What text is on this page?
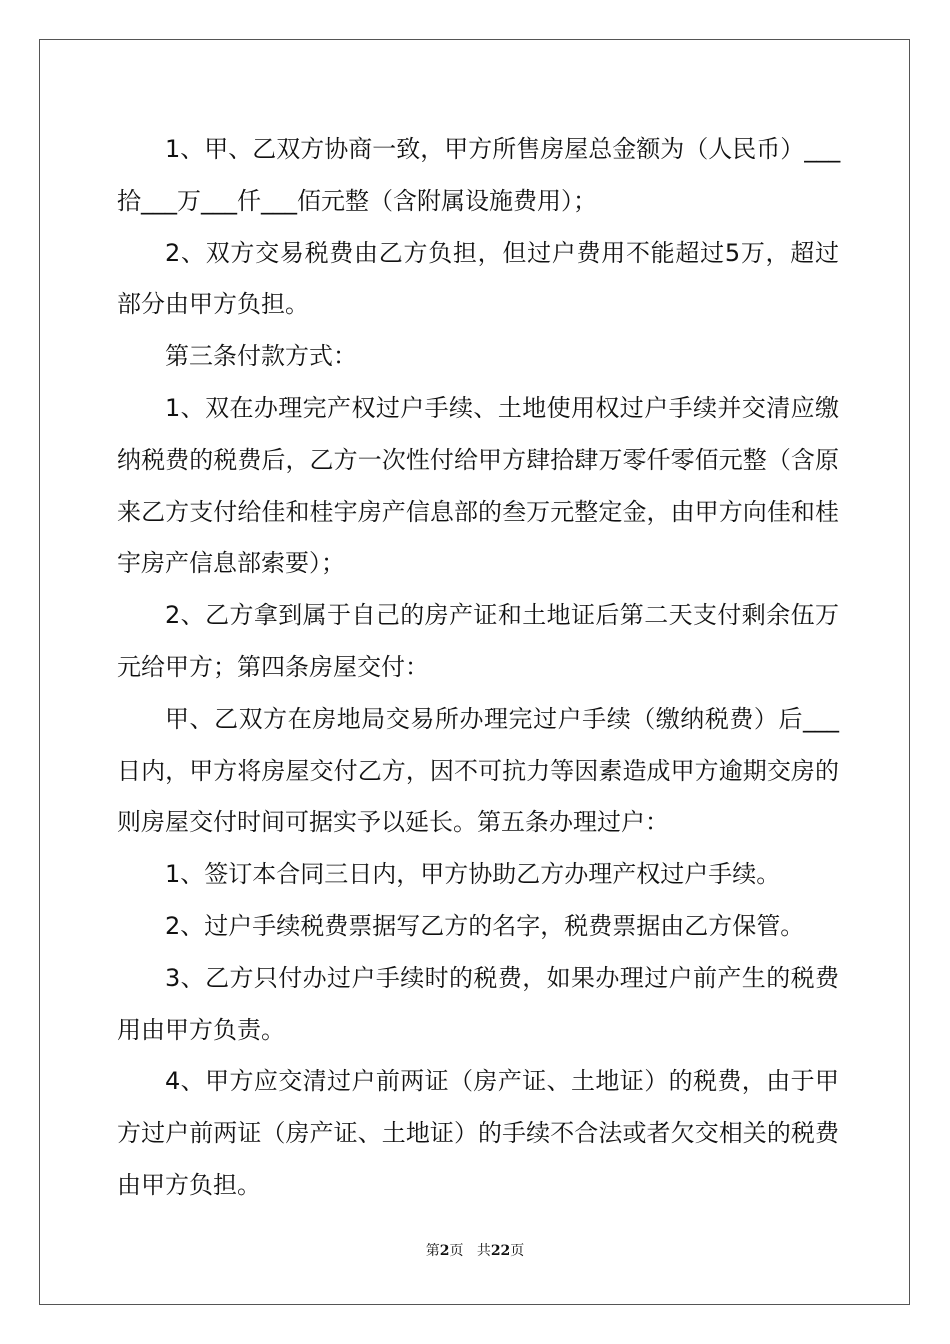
1、甲、乙双方协商一致，甲方所售房屋总金额为（人民币）___
拾___万___仟___佰元整（含附属设施费用）；
2、双方交易税费由乙方负担，但过户费用不能超过5万，超过
部分由甲方负担。
第三条付款方式：
1、双在办理完产权过户手续、土地使用权过户手续并交清应缴
纳税费的税费后，乙方一次性付给甲方肆拾肆万零仟零佰元整（含原
来乙方支付给佳和桂宇房产信息部的叁万元整定金，由甲方向佳和桂
宇房产信息部索要）；
2、乙方拿到属于自己的房产证和土地证后第二天支付剩余伍万
元给甲方；第四条房屋交付：
甲、乙双方在房地局交易所办理完过户手续（缴纳税费）后___
日内，甲方将房屋交付乙方，因不可抗力等因素造成甲方逾期交房的
则房屋交付时间可据实予以延长。第五条办理过户：
1、签订本合同三日内，甲方协助乙方办理产权过户手续。
2、过户手续税费票据写乙方的名字，税费票据由乙方保管。
3、乙方只付办过户手续时的税费，如果办理过户前产生的税费
用由甲方负责。
4、甲方应交清过户前两证（房产证、土地证）的税费，由于甲
方过户前两证（房产证、土地证）的手续不合法或者欠交相关的税费
由甲方负担。
第2页 共22页
